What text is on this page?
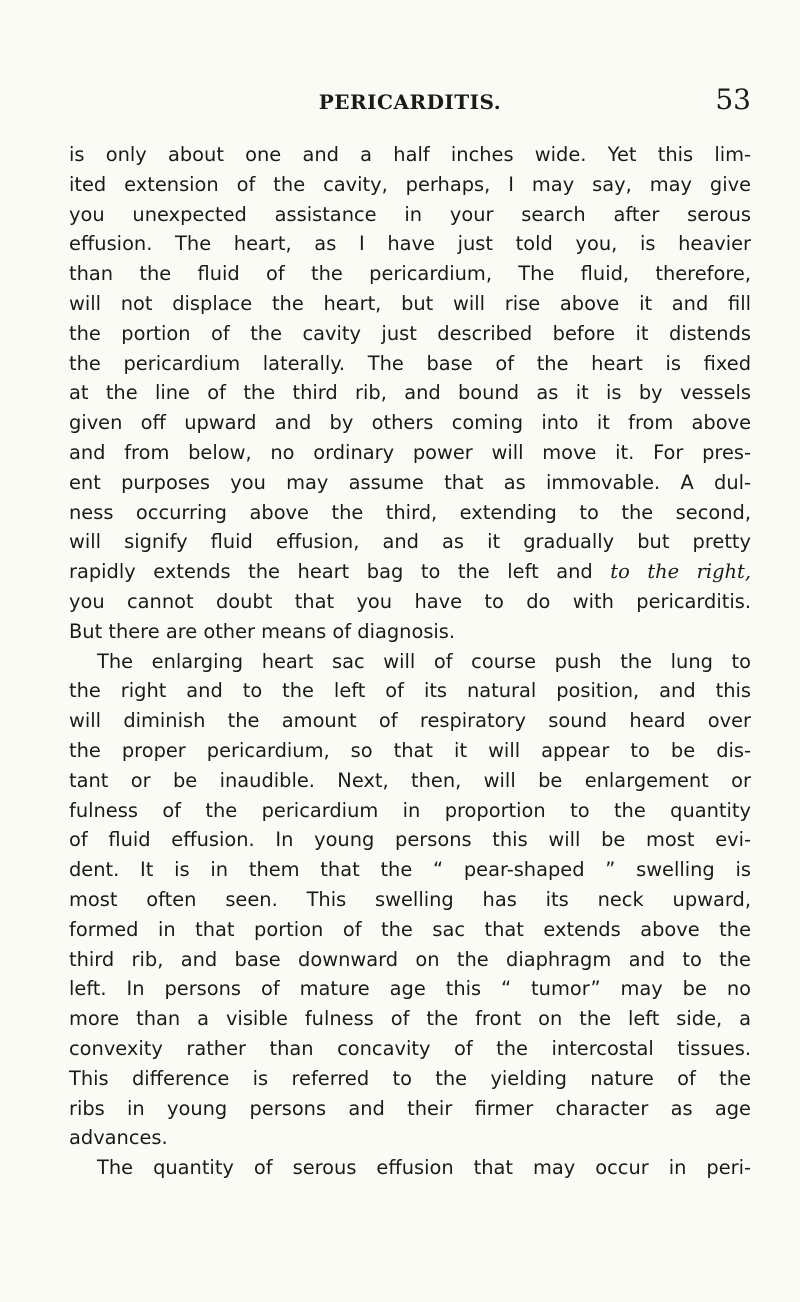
PERICARDITIS.	53
is only about one and a half inches wide. Yet this lim-
ited extension of the cavity, perhaps, I may say, may give
you unexpected assistance in your search after serous
effusion. The heart, as I have just told you, is heavier
than the fluid of the pericardium, The fluid, therefore,
will not displace the heart, but will rise above it and fill
the portion of the cavity just described before it distends
the pericardium laterally. The base of the heart is fixed
at the line of the third rib, and bound as it is by vessels
given off upward and by others coming into it from above
and from below, no ordinary power will move it. For pres-
ent purposes you may assume that as immovable. A dul-
ness occurring above the third, extending to the second,
will signify fluid effusion, and as it gradually but pretty
rapidly extends the heart bag to the left and to the right,
you cannot doubt that you have to do with pericarditis.
But there are other means of diagnosis.
The enlarging heart sac will of course push the lung to
the right and to the left of its natural position, and this
will diminish the amount of respiratory sound heard over
the proper pericardium, so that it will appear to be dis-
tant or be inaudible. Next, then, will be enlargement or
fulness of the pericardium in proportion to the quantity
of fluid effusion. In young persons this will be most evi-
dent. It is in them that the “ pear-shaped ” swelling is
most often seen. This swelling has its neck upward,
formed in that portion of the sac that extends above the
third rib, and base downward on the diaphragm and to the
left. In persons of mature age this “ tumor” may be no
more than a visible fulness of the front on the left side, a
convexity rather than concavity of the intercostal tissues.
This difference is referred to the yielding nature of the
ribs in young persons and their firmer character as age
advances.
The quantity of serous effusion that may occur in peri-
